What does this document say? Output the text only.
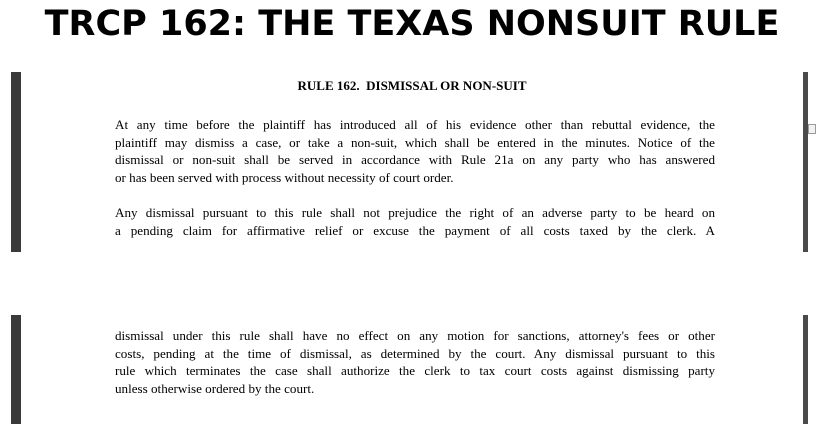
TRCP 162: THE TEXAS NONSUIT RULE
RULE 162.  DISMISSAL OR NON-SUIT

At any time before the plaintiff has introduced all of his evidence other than rebuttal evidence, the
plaintiff may dismiss a case, or take a non-suit, which shall be entered in the minutes. Notice of the
dismissal or non-suit shall be served in accordance with Rule 21a on any party who has answered
or has been served with process without necessity of court order.

Any dismissal pursuant to this rule shall not prejudice the right of an adverse party to be heard on
a pending claim for affirmative relief or excuse the payment of all costs taxed by the clerk. A

dismissal under this rule shall have no effect on any motion for sanctions, attorney's fees or other
costs, pending at the time of dismissal, as determined by the court. Any dismissal pursuant to this
rule which terminates the case shall authorize the clerk to tax court costs against dismissing party
unless otherwise ordered by the court.
